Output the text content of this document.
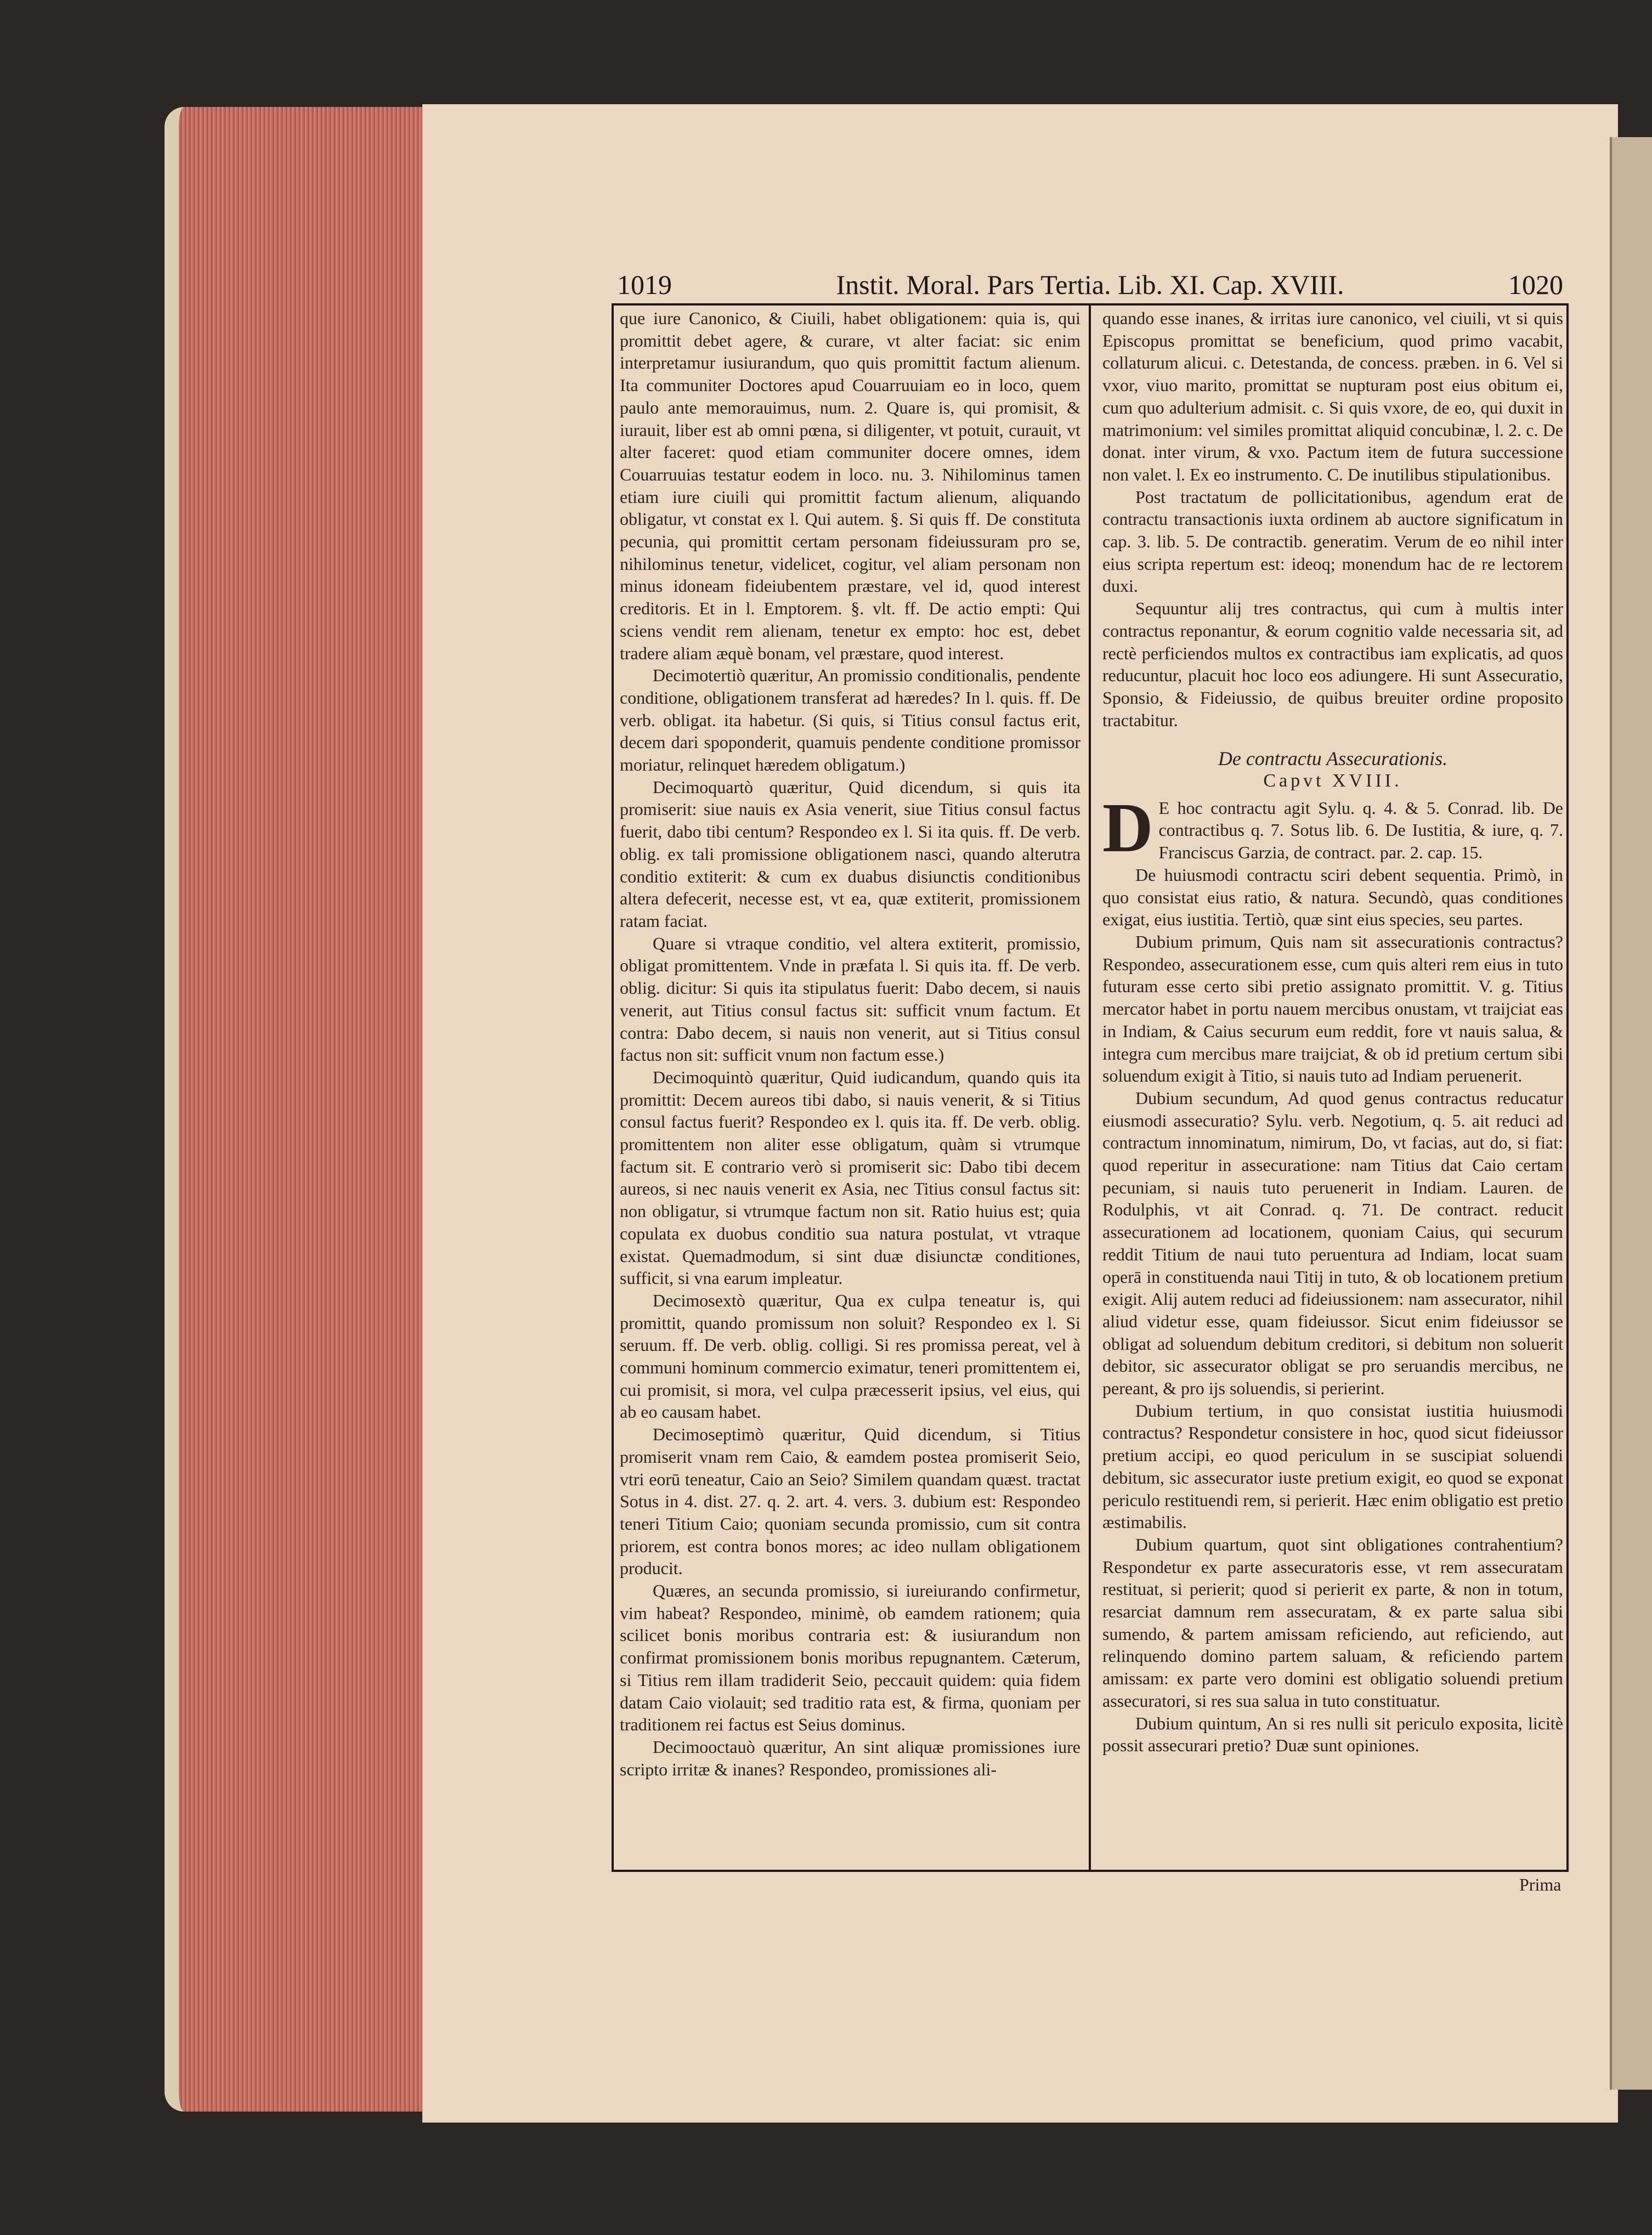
1019	Instit. Moral. Pars Tertia. Lib. XI. Cap. XVIII.	1020

que iure Canonico, & Ciuili, habet obligationem: quia is, qui promittit debet agere, & curare, vt alter faciat: sic enim interpretamur iusiurandum, quo quis promittit factum alienum. Ita communiter Doctores apud Couarruuiam eo in loco, quem paulo ante memorauimus, num. 2. Quare is, qui promisit, & iurauit, liber est ab omni pœna, si diligenter, vt potuit, curauit, vt alter faceret: quod etiam communiter docere omnes, idem Couarruuias testatur eodem in loco. nu. 3. Nihilominus tamen etiam iure ciuili qui promittit factum alienum, aliquando obligatur, vt constat ex l. Qui autem. §. Si quis ff. De constituta pecunia, qui promittit certam personam fideiussuram pro se, nihilominus tenetur, videlicet, cogitur, vel aliam personam non minus idoneam fideiubentem præstare, vel id, quod interest creditoris. Et in l. Emptorem. §. vlt. ff. De actio empti: Qui sciens vendit rem alienam, tenetur ex empto: hoc est, debet tradere aliam æquè bonam, vel præstare, quod interest.

Decimotertiò quæritur, An promissio conditionalis, pendente conditione, obligationem transferat ad hæredes? In l. quis. ff. De verb. obligat. ita habetur. (Si quis, si Titius consul factus erit, decem dari spoponderit, quamuis pendente conditione promissor moriatur, relinquet hæredem obligatum.)

Decimoquartò quæritur, Quid dicendum, si quis ita promiserit: siue nauis ex Asia venerit, siue Titius consul factus fuerit, dabo tibi centum? Respondeo ex l. Si ita quis. ff. De verb. oblig. ex tali promissione obligationem nasci, quando alterutra conditio extiterit: & cum ex duabus disiunctis conditionibus altera defecerit, necesse est, vt ea, quæ extiterit, promissionem ratam faciat.

Quare si vtraque conditio, vel altera extiterit, promissio, obligat promittentem. Vnde in præfata l. Si quis ita. ff. De verb. oblig. dicitur: Si quis ita stipulatus fuerit: Dabo decem, si nauis venerit, aut Titius consul factus sit: sufficit vnum factum. Et contra: Dabo decem, si nauis non venerit, aut si Titius consul factus non sit: sufficit vnum non factum esse.)

Decimoquintò quæritur, Quid iudicandum, quando quis ita promittit: Decem aureos tibi dabo, si nauis venerit, & si Titius consul factus fuerit? Respondeo ex l. quis ita. ff. De verb. oblig. promittentem non aliter esse obligatum, quàm si vtrumque factum sit. E contrario verò si promiserit sic: Dabo tibi decem aureos, si nec nauis venerit ex Asia, nec Titius consul factus sit: non obligatur, si vtrumque factum non sit. Ratio huius est; quia copulata ex duobus conditio sua natura postulat, vt vtraque existat. Quemadmodum, si sint duæ disiunctæ conditiones, sufficit, si vna earum impleatur.

Decimosextò quæritur, Qua ex culpa teneatur is, qui promittit, quando promissum non soluit? Respondeo ex l. Si seruum. ff. De verb. oblig. colligi. Si res promissa pereat, vel à communi hominum commercio eximatur, teneri promittentem ei, cui promisit, si mora, vel culpa præcesserit ipsius, vel eius, qui ab eo causam habet.

Decimoseptimò quæritur, Quid dicendum, si Titius promiserit vnam rem Caio, & eamdem postea promiserit Seio, vtri eorū teneatur, Caio an Seio? Similem quandam quæst. tractat Sotus in 4. dist. 27. q. 2. art. 4. vers. 3. dubium est: Respondeo teneri Titium Caio; quoniam secunda promissio, cum sit contra priorem, est contra bonos mores; ac ideo nullam obligationem producit.

Quæres, an secunda promissio, si iureiurando confirmetur, vim habeat? Respondeo, minimè, ob eamdem rationem; quia scilicet bonis moribus contraria est: & iusiurandum non confirmat promissionem bonis moribus repugnantem. Cæterum, si Titius rem illam tradiderit Seio, peccauit quidem: quia fidem datam Caio violauit; sed traditio rata est, & firma, quoniam per traditionem rei factus est Seius dominus.

Decimooctauò quæritur, An sint aliquæ promissiones iure scripto irritæ & inanes? Respondeo, promissiones ali-

quando esse inanes, & irritas iure canonico, vel ciuili, vt si quis Episcopus promittat se beneficium, quod primo vacabit, collaturum alicui. c. Detestanda, de concess. præben. in 6. Vel si vxor, viuo marito, promittat se nupturam post eius obitum ei, cum quo adulterium admisit. c. Si quis vxore, de eo, qui duxit in matrimonium: vel similes promittat aliquid concubinæ, l. 2. c. De donat. inter virum, & vxo. Pactum item de futura successione non valet. l. Ex eo instrumento. C. De inutilibus stipulationibus.

Post tractatum de pollicitationibus, agendum erat de contractu transactionis iuxta ordinem ab auctore significatum in cap. 3. lib. 5. De contractib. generatim. Verum de eo nihil inter eius scripta repertum est: ideoq; monendum hac de re lectorem duxi.

Sequuntur alij tres contractus, qui cum à multis inter contractus reponantur, & eorum cognitio valde necessaria sit, ad rectè perficiendos multos ex contractibus iam explicatis, ad quos reducuntur, placuit hoc loco eos adiungere. Hi sunt Assecuratio, Sponsio, & Fideiussio, de quibus breuiter ordine proposito tractabitur.

De contractu Assecurationis.

Capvt XVIII.

D E hoc contractu agit Sylu. q. 4. & 5. Conrad. lib. De contractibus q. 7. Sotus lib. 6. De Iustitia, & iure, q. 7. Franciscus Garzia, de contract. par. 2. cap. 15.

De huiusmodi contractu sciri debent sequentia. Primò, in quo consistat eius ratio, & natura. Secundò, quas conditiones exigat, eius iustitia. Tertiò, quæ sint eius species, seu partes.

Dubium primum, Quis nam sit assecurationis contractus? Respondeo, assecurationem esse, cum quis alteri rem eius in tuto futuram esse certo sibi pretio assignato promittit. V. g. Titius mercator habet in portu nauem mercibus onustam, vt traijciat eas in Indiam, & Caius securum eum reddit, fore vt nauis salua, & integra cum mercibus mare traijciat, & ob id pretium certum sibi soluendum exigit à Titio, si nauis tuto ad Indiam peruenerit.

Dubium secundum, Ad quod genus contractus reducatur eiusmodi assecuratio? Sylu. verb. Negotium, q. 5. ait reduci ad contractum innominatum, nimirum, Do, vt facias, aut do, si fiat: quod reperitur in assecuratione: nam Titius dat Caio certam pecuniam, si nauis tuto peruenerit in Indiam. Lauren. de Rodulphis, vt ait Conrad. q. 71. De contract. reducit assecurationem ad locationem, quoniam Caius, qui securum reddit Titium de naui tuto peruentura ad Indiam, locat suam operā in constituenda naui Titij in tuto, & ob locationem pretium exigit. Alij autem reduci ad fideiussionem: nam assecurator, nihil aliud videtur esse, quam fideiussor. Sicut enim fideiussor se obligat ad soluendum debitum creditori, si debitum non soluerit debitor, sic assecurator obligat se pro seruandis mercibus, ne pereant, & pro ijs soluendis, si perierint.

Dubium tertium, in quo consistat iustitia huiusmodi contractus? Respondetur consistere in hoc, quod sicut fideiussor pretium accipi, eo quod periculum in se suscipiat soluendi debitum, sic assecurator iuste pretium exigit, eo quod se exponat periculo restituendi rem, si perierit. Hæc enim obligatio est pretio æstimabilis.

Dubium quartum, quot sint obligationes contrahentium? Respondetur ex parte assecuratoris esse, vt rem assecuratam restituat, si perierit; quod si perierit ex parte, & non in totum, resarciat damnum rem assecuratam, & ex parte salua sibi sumendo, & partem amissam reficiendo, aut reficiendo, aut relinquendo domino partem saluam, & reficiendo partem amissam: ex parte vero domini est obligatio soluendi pretium assecuratori, si res sua salua in tuto constituatur.

Dubium quintum, An si res nulli sit periculo exposita, licitè possit assecurari pretio? Duæ sunt opiniones.

Prima
